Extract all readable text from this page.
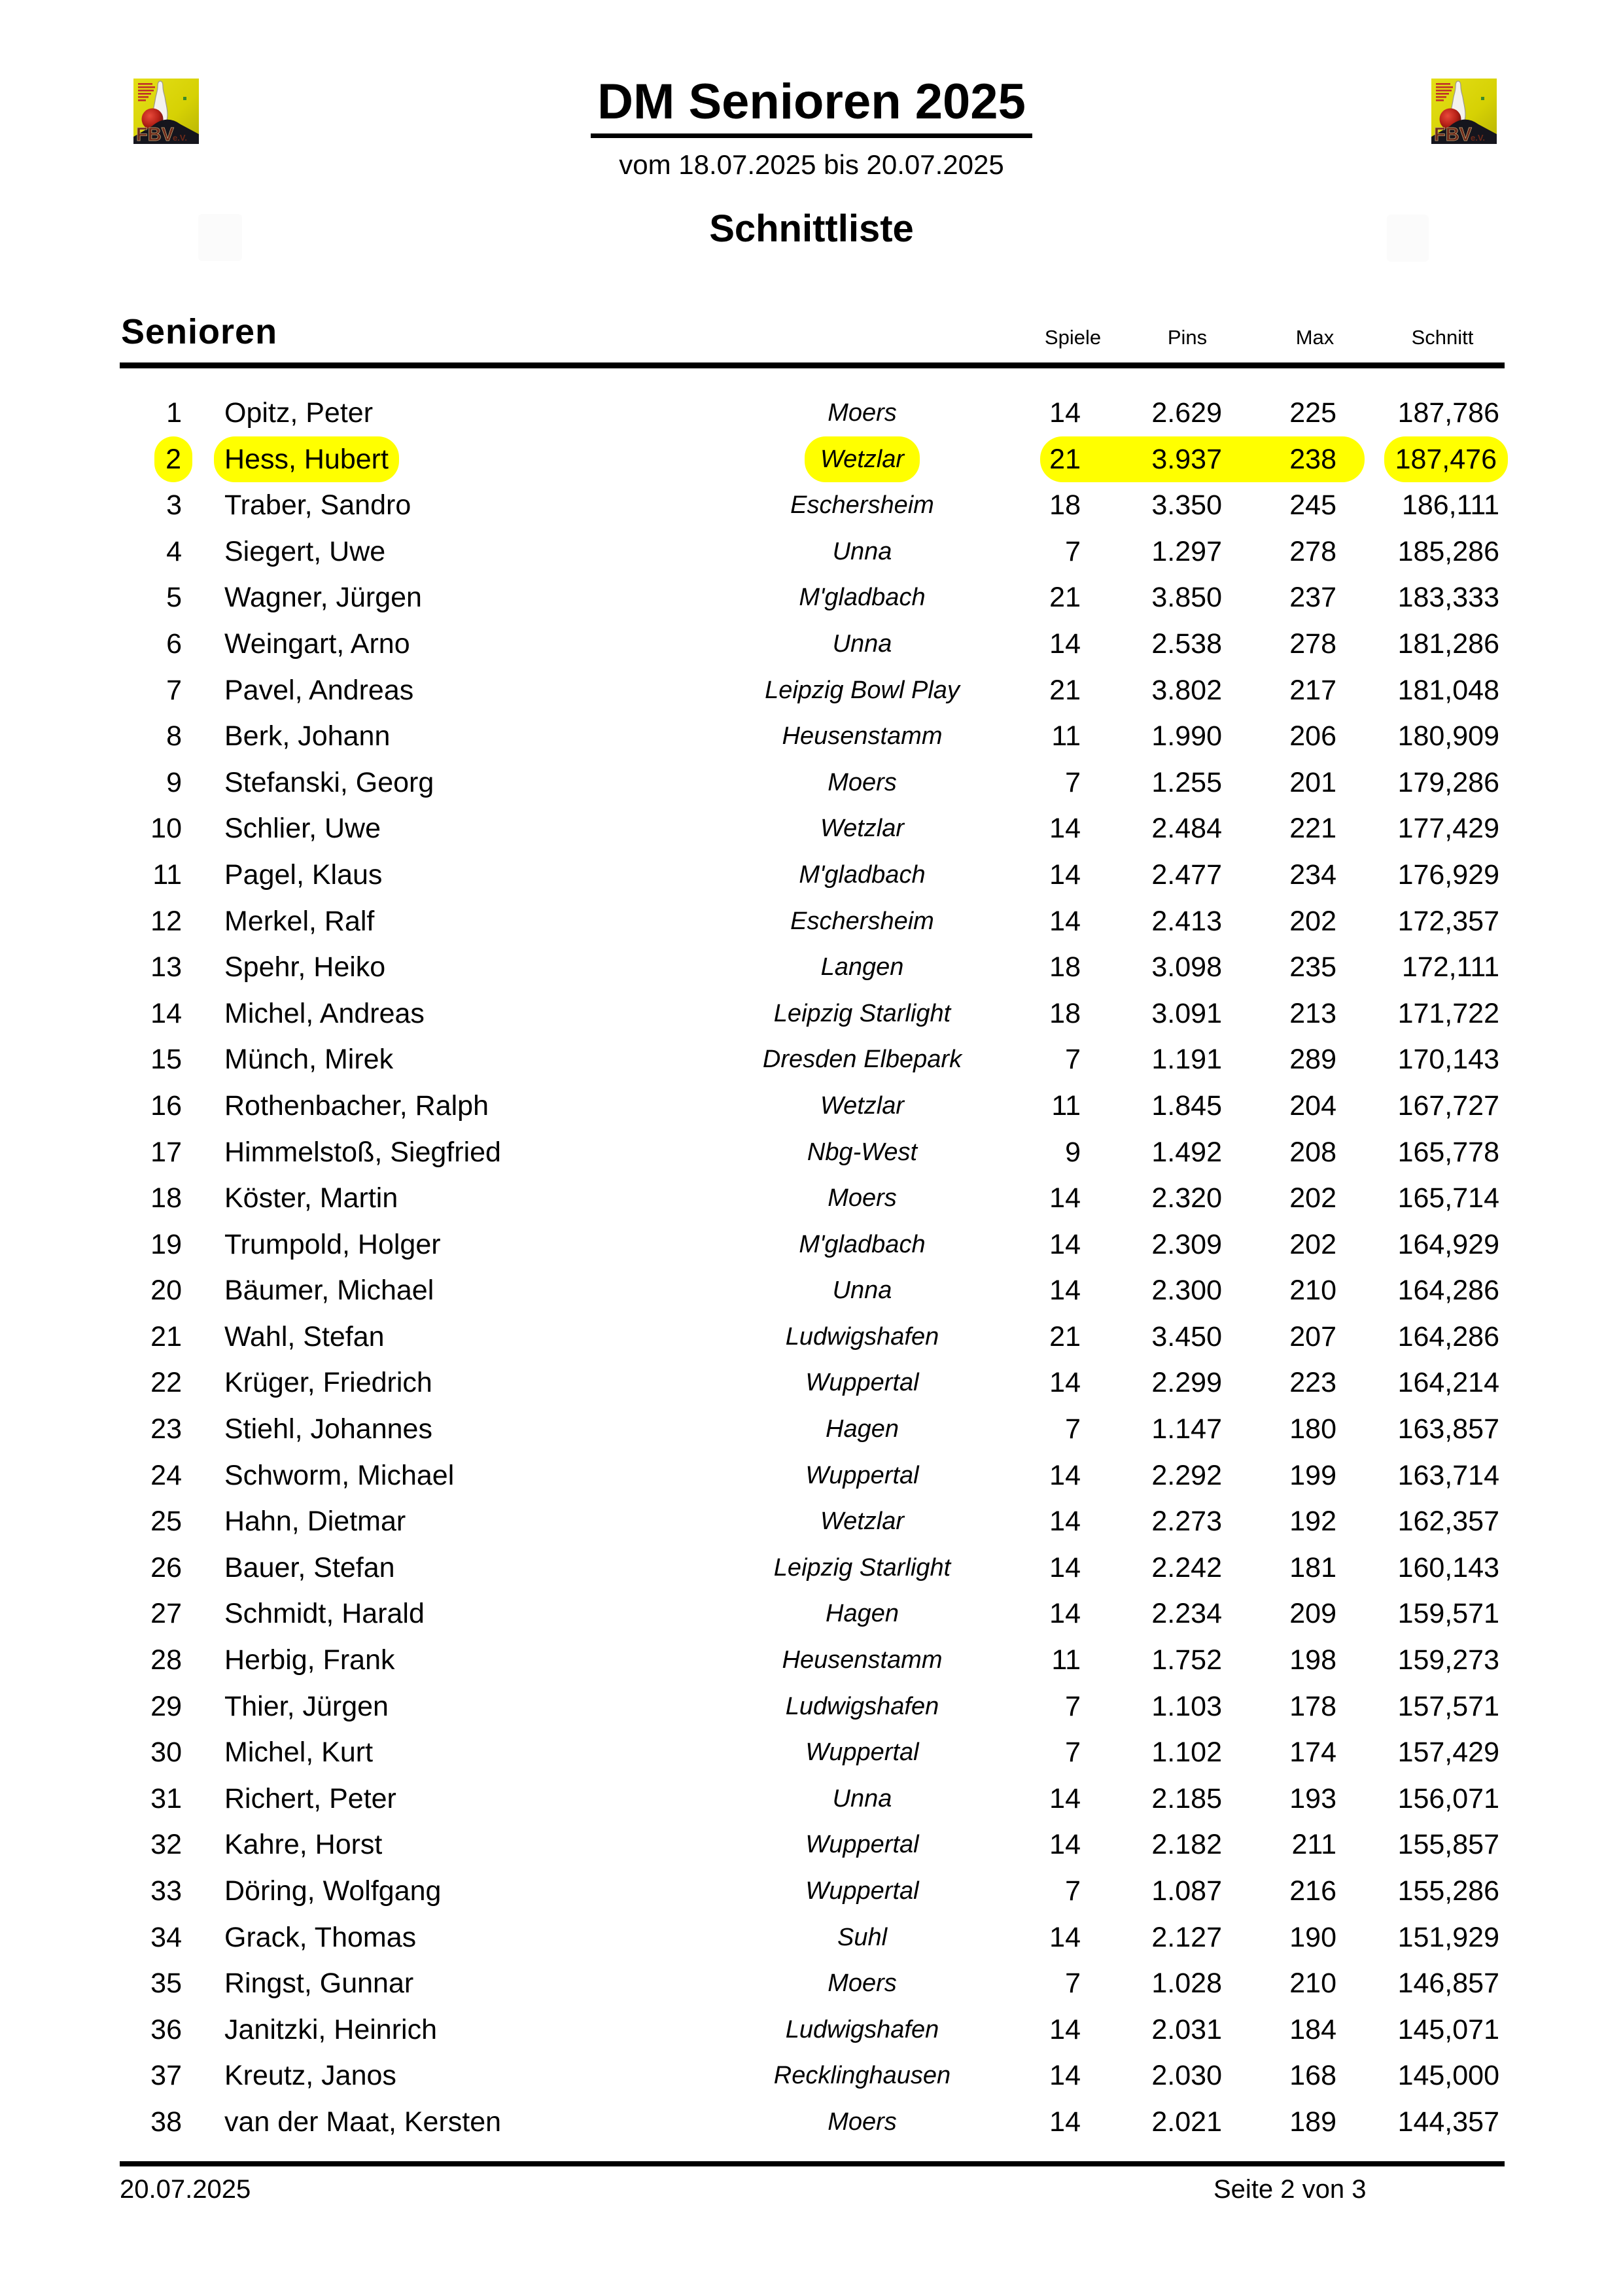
FBV
e.V.	FBV
e.V.
DM Senioren 2025
vom 18.07.2025 bis 20.07.2025
Schnittliste
Senioren	Spiele	Pins	Max	Schnitt
1	Opitz, Peter	Moers	14	2.629	225	187,786
2	Hess, Hubert	Wetzlar	21	3.937	238	187,476
3	Traber, Sandro	Eschersheim	18	3.350	245	186,111
4	Siegert, Uwe	Unna	7	1.297	278	185,286
5	Wagner, Jürgen	M'gladbach	21	3.850	237	183,333
6	Weingart, Arno	Unna	14	2.538	278	181,286
7	Pavel, Andreas	Leipzig Bowl Play	21	3.802	217	181,048
8	Berk, Johann	Heusenstamm	11	1.990	206	180,909
9	Stefanski, Georg	Moers	7	1.255	201	179,286
10	Schlier, Uwe	Wetzlar	14	2.484	221	177,429
11	Pagel, Klaus	M'gladbach	14	2.477	234	176,929
12	Merkel, Ralf	Eschersheim	14	2.413	202	172,357
13	Spehr, Heiko	Langen	18	3.098	235	172,111
14	Michel, Andreas	Leipzig Starlight	18	3.091	213	171,722
15	Münch, Mirek	Dresden Elbepark	7	1.191	289	170,143
16	Rothenbacher, Ralph	Wetzlar	11	1.845	204	167,727
17	Himmelstoß, Siegfried	Nbg-West	9	1.492	208	165,778
18	Köster, Martin	Moers	14	2.320	202	165,714
19	Trumpold, Holger	M'gladbach	14	2.309	202	164,929
20	Bäumer, Michael	Unna	14	2.300	210	164,286
21	Wahl, Stefan	Ludwigshafen	21	3.450	207	164,286
22	Krüger, Friedrich	Wuppertal	14	2.299	223	164,214
23	Stiehl, Johannes	Hagen	7	1.147	180	163,857
24	Schworm, Michael	Wuppertal	14	2.292	199	163,714
25	Hahn, Dietmar	Wetzlar	14	2.273	192	162,357
26	Bauer, Stefan	Leipzig Starlight	14	2.242	181	160,143
27	Schmidt, Harald	Hagen	14	2.234	209	159,571
28	Herbig, Frank	Heusenstamm	11	1.752	198	159,273
29	Thier, Jürgen	Ludwigshafen	7	1.103	178	157,571
30	Michel, Kurt	Wuppertal	7	1.102	174	157,429
31	Richert, Peter	Unna	14	2.185	193	156,071
32	Kahre, Horst	Wuppertal	14	2.182	211	155,857
33	Döring, Wolfgang	Wuppertal	7	1.087	216	155,286
34	Grack, Thomas	Suhl	14	2.127	190	151,929
35	Ringst, Gunnar	Moers	7	1.028	210	146,857
36	Janitzki, Heinrich	Ludwigshafen	14	2.031	184	145,071
37	Kreutz, Janos	Recklinghausen	14	2.030	168	145,000
38	van der Maat, Kersten	Moers	14	2.021	189	144,357
20.07.2025	Seite 2 von 3
